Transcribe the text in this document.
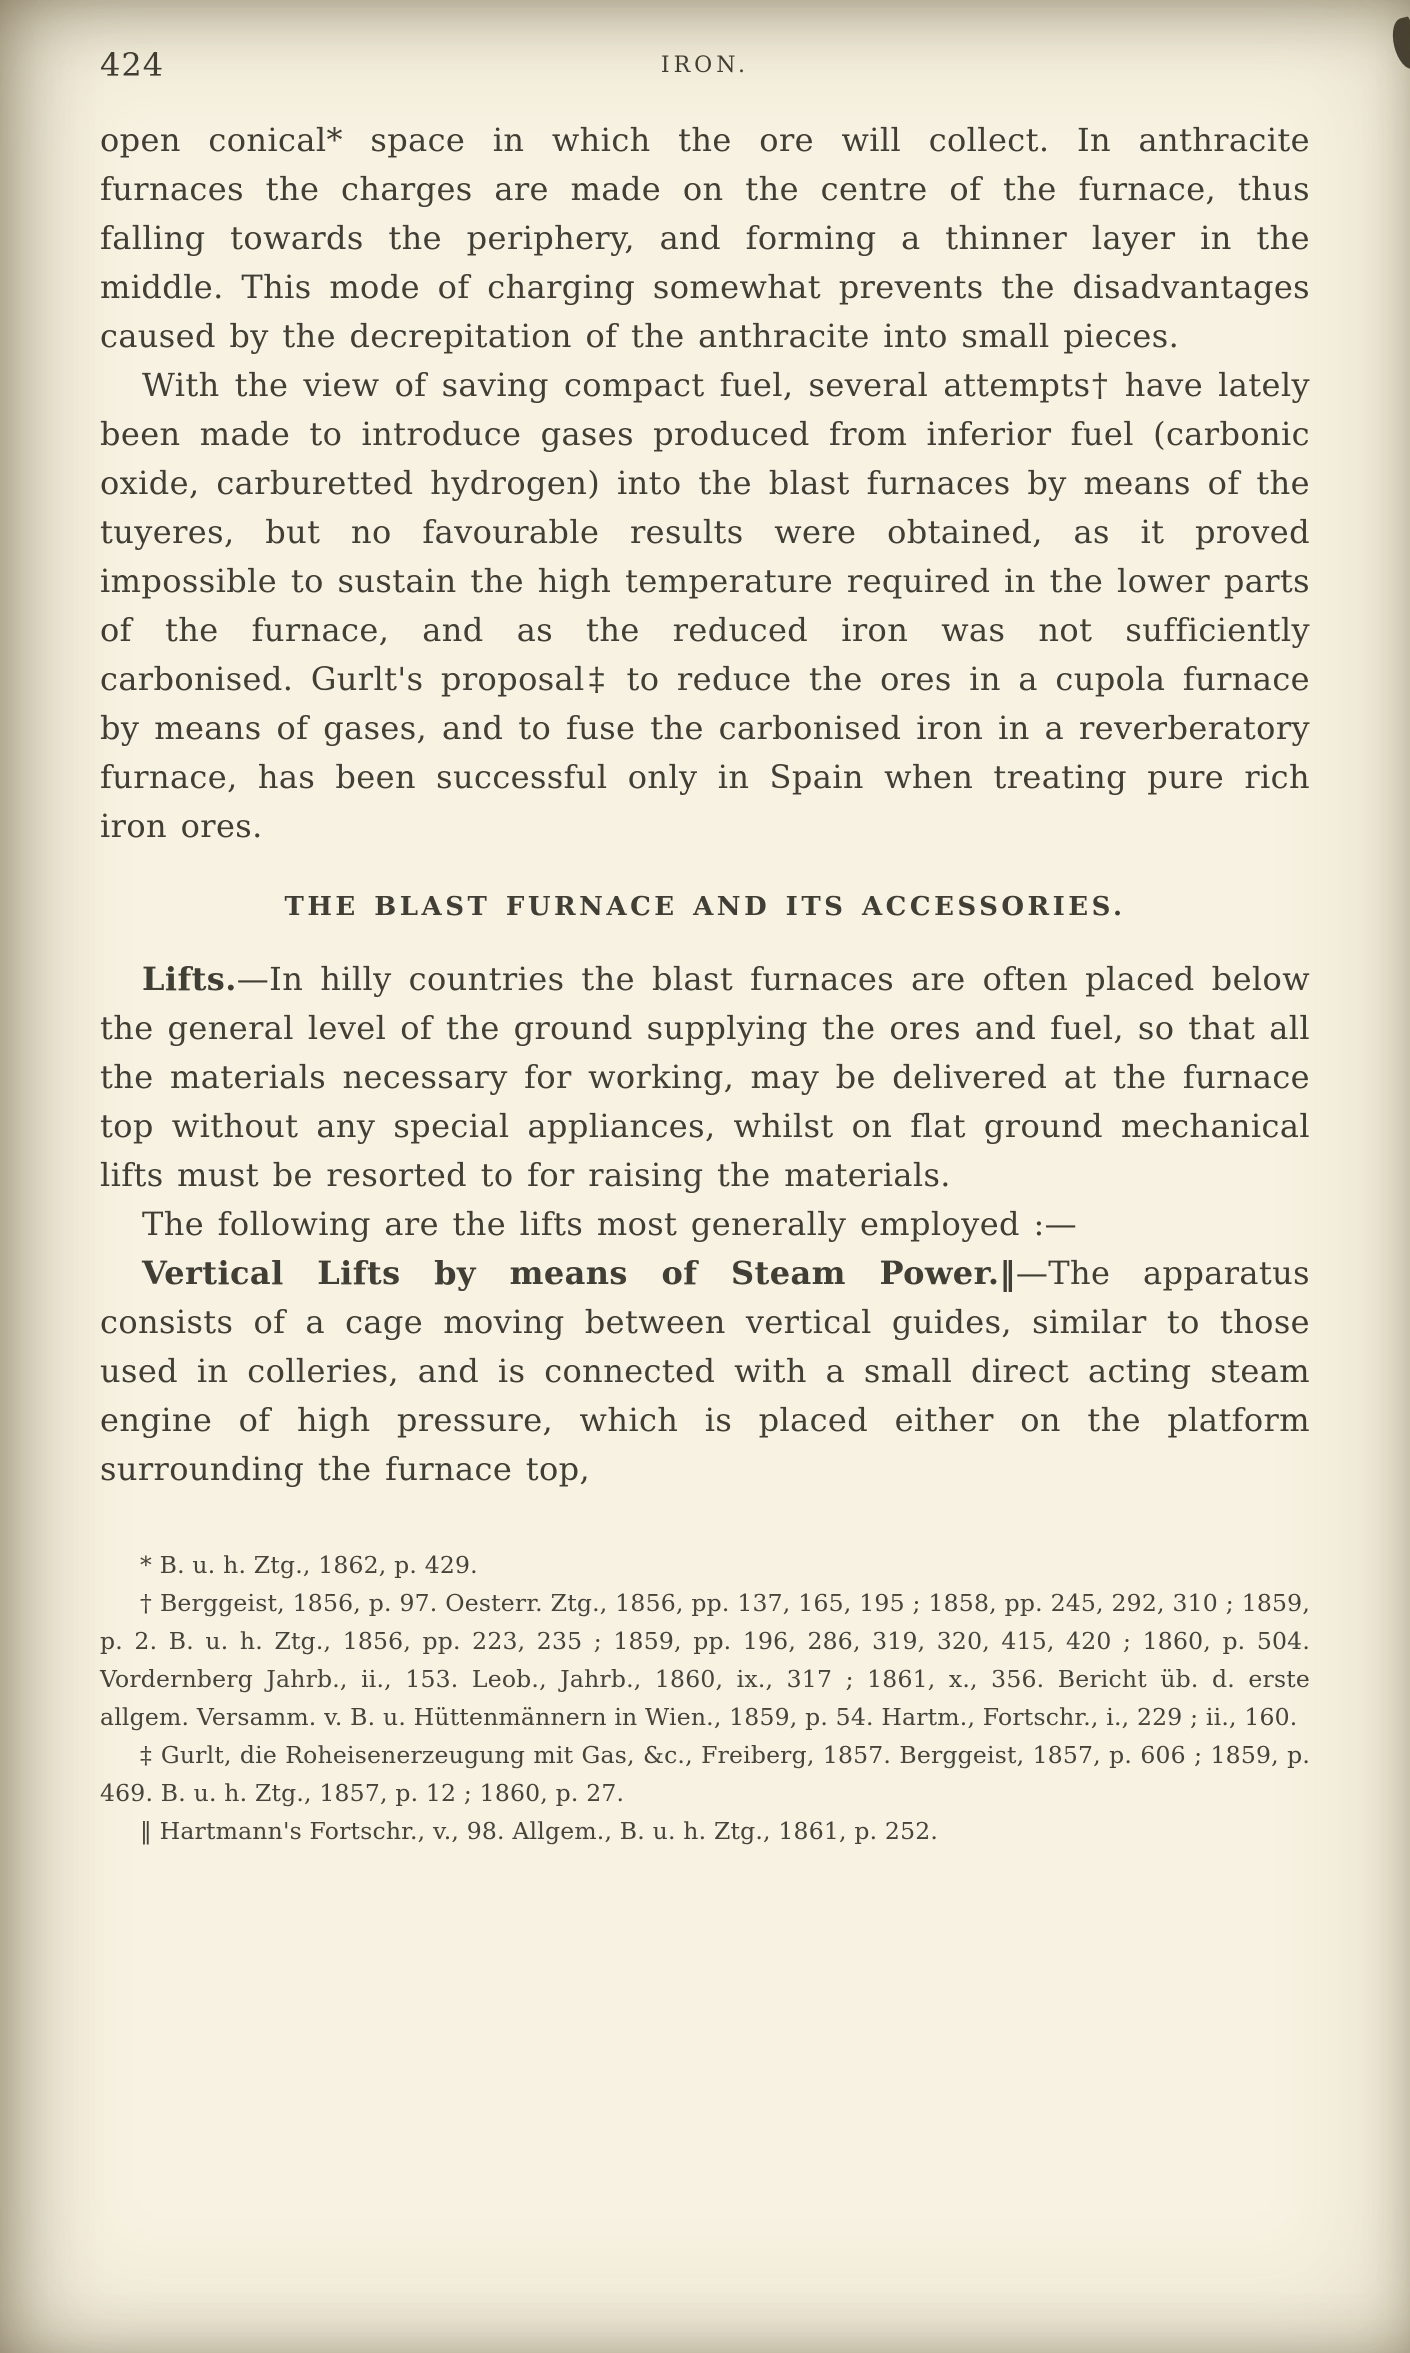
424	IRON.

open conical* space in which the ore will collect. In anthracite furnaces the charges are made on the centre of the furnace, thus falling towards the periphery, and forming a thinner layer in the middle. This mode of charging somewhat prevents the disadvantages caused by the decrepitation of the anthracite into small pieces.

With the view of saving compact fuel, several attempts† have lately been made to introduce gases produced from inferior fuel (carbonic oxide, carburetted hydrogen) into the blast furnaces by means of the tuyeres, but no favourable results were obtained, as it proved impossible to sustain the high temperature required in the lower parts of the furnace, and as the reduced iron was not sufficiently carbonised. Gurlt's proposal‡ to reduce the ores in a cupola furnace by means of gases, and to fuse the carbonised iron in a reverberatory furnace, has been successful only in Spain when treating pure rich iron ores.

THE BLAST FURNACE AND ITS ACCESSORIES.

Lifts.—In hilly countries the blast furnaces are often placed below the general level of the ground supplying the ores and fuel, so that all the materials necessary for working, may be delivered at the furnace top without any special appliances, whilst on flat ground mechanical lifts must be resorted to for raising the materials.

The following are the lifts most generally employed :—

Vertical Lifts by means of Steam Power.‖—The apparatus consists of a cage moving between vertical guides, similar to those used in colleries, and is connected with a small direct acting steam engine of high pressure, which is placed either on the platform surrounding the furnace top,

* B. u. h. Ztg., 1862, p. 429.

† Berggeist, 1856, p. 97. Oesterr. Ztg., 1856, pp. 137, 165, 195 ; 1858, pp. 245, 292, 310 ; 1859, p. 2. B. u. h. Ztg., 1856, pp. 223, 235 ; 1859, pp. 196, 286, 319, 320, 415, 420 ; 1860, p. 504. Vordernberg Jahrb., ii., 153. Leob., Jahrb., 1860, ix., 317 ; 1861, x., 356. Bericht üb. d. erste allgem. Versamm. v. B. u. Hüttenmännern in Wien., 1859, p. 54. Hartm., Fortschr., i., 229 ; ii., 160.

‡ Gurlt, die Roheisenerzeugung mit Gas, &c., Freiberg, 1857. Berggeist, 1857, p. 606 ; 1859, p. 469. B. u. h. Ztg., 1857, p. 12 ; 1860, p. 27.

‖ Hartmann's Fortschr., v., 98. Allgem., B. u. h. Ztg., 1861, p. 252.
